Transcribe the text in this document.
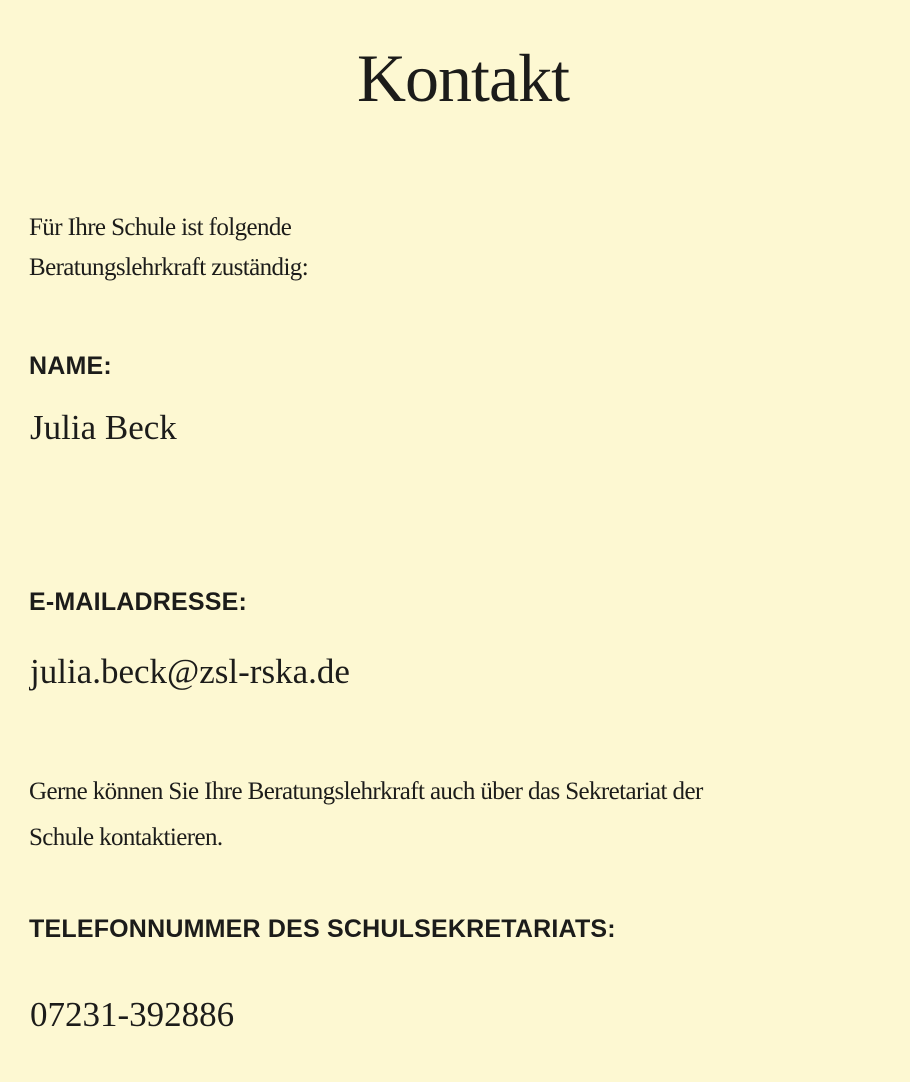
Kontakt

Für Ihre Schule ist folgende
Beratungslehrkraft zuständig:

NAME:

Julia Beck

E-MAILADRESSE:

julia.beck@zsl-rska.de

Gerne können Sie Ihre Beratungslehrkraft auch über das Sekretariat der
Schule kontaktieren.

TELEFONNUMMER DES SCHULSEKRETARIATS:

07231-392886
